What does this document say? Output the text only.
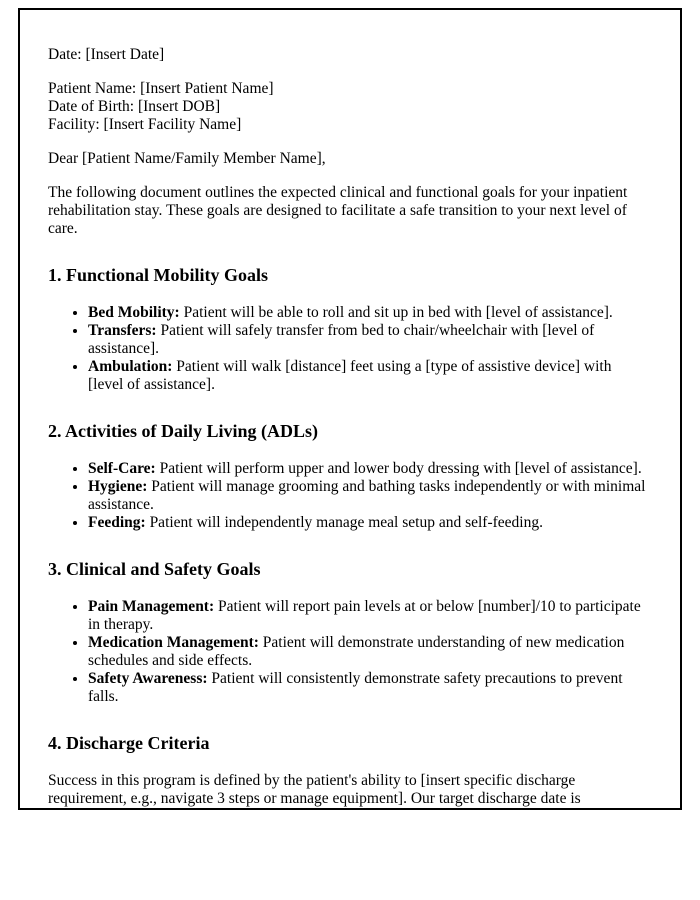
Date: [Insert Date]
Patient Name: [Insert Patient Name]
Date of Birth: [Insert DOB]
Facility: [Insert Facility Name]
Dear [Patient Name/Family Member Name],
The following document outlines the expected clinical and functional goals for your inpatient rehabilitation stay. These goals are designed to facilitate a safe transition to your next level of care.
1. Functional Mobility Goals
• Bed Mobility: Patient will be able to roll and sit up in bed with [level of assistance].
• Transfers: Patient will safely transfer from bed to chair/wheelchair with [level of assistance].
• Ambulation: Patient will walk [distance] feet using a [type of assistive device] with [level of assistance].
2. Activities of Daily Living (ADLs)
• Self-Care: Patient will perform upper and lower body dressing with [level of assistance].
• Hygiene: Patient will manage grooming and bathing tasks independently or with minimal assistance.
• Feeding: Patient will independently manage meal setup and self-feeding.
3. Clinical and Safety Goals
• Pain Management: Patient will report pain levels at or below [number]/10 to participate in therapy.
• Medication Management: Patient will demonstrate understanding of new medication schedules and side effects.
• Safety Awareness: Patient will consistently demonstrate safety precautions to prevent falls.
4. Discharge Criteria
Success in this program is defined by the patient's ability to [insert specific discharge requirement, e.g., navigate 3 steps or manage equipment]. Our target discharge date is
